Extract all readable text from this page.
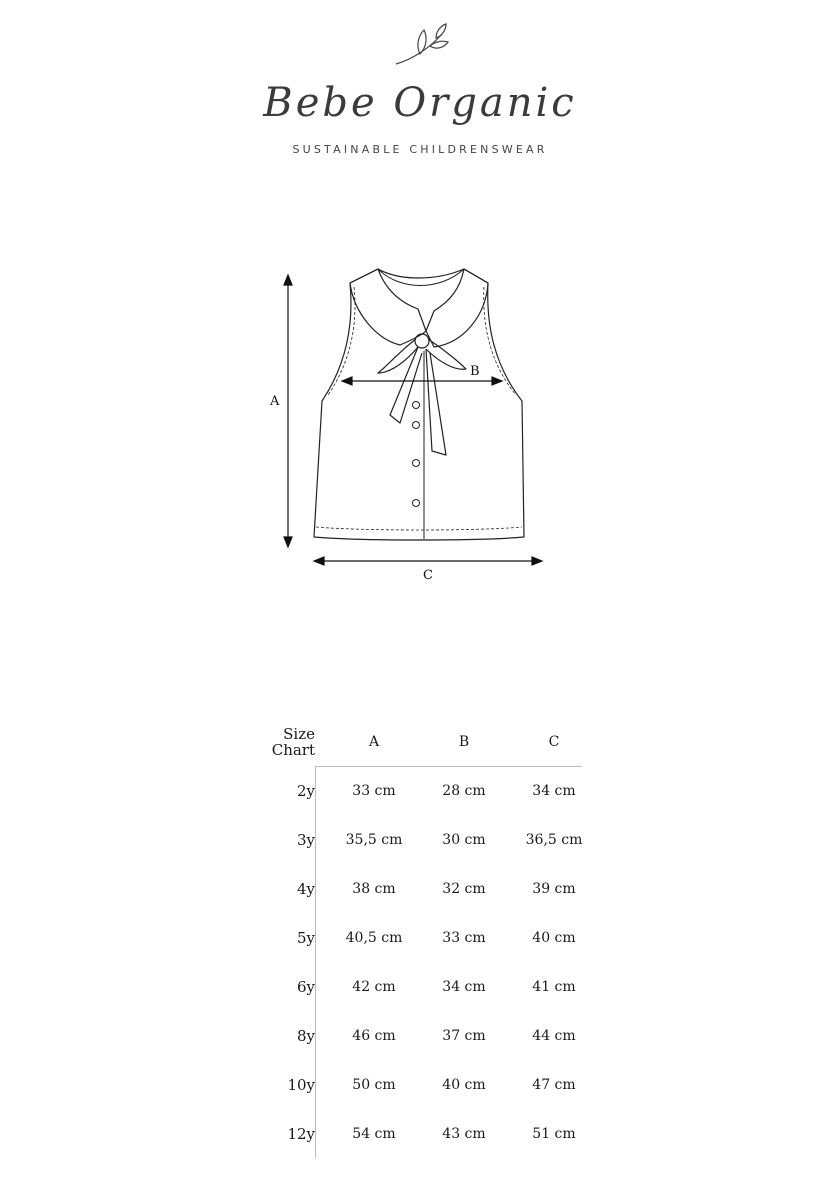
Bebe Organic
SUSTAINABLE CHILDRENSWEAR
A
B
C
Size
Chart	A	B	C
2y	33 cm	28 cm	34 cm
3y	35,5 cm	30 cm	36,5 cm
4y	38 cm	32 cm	39 cm
5y	40,5 cm	33 cm	40 cm
6y	42 cm	34 cm	41 cm
8y	46 cm	37 cm	44 cm
10y	50 cm	40 cm	47 cm
12y	54 cm	43 cm	51 cm
